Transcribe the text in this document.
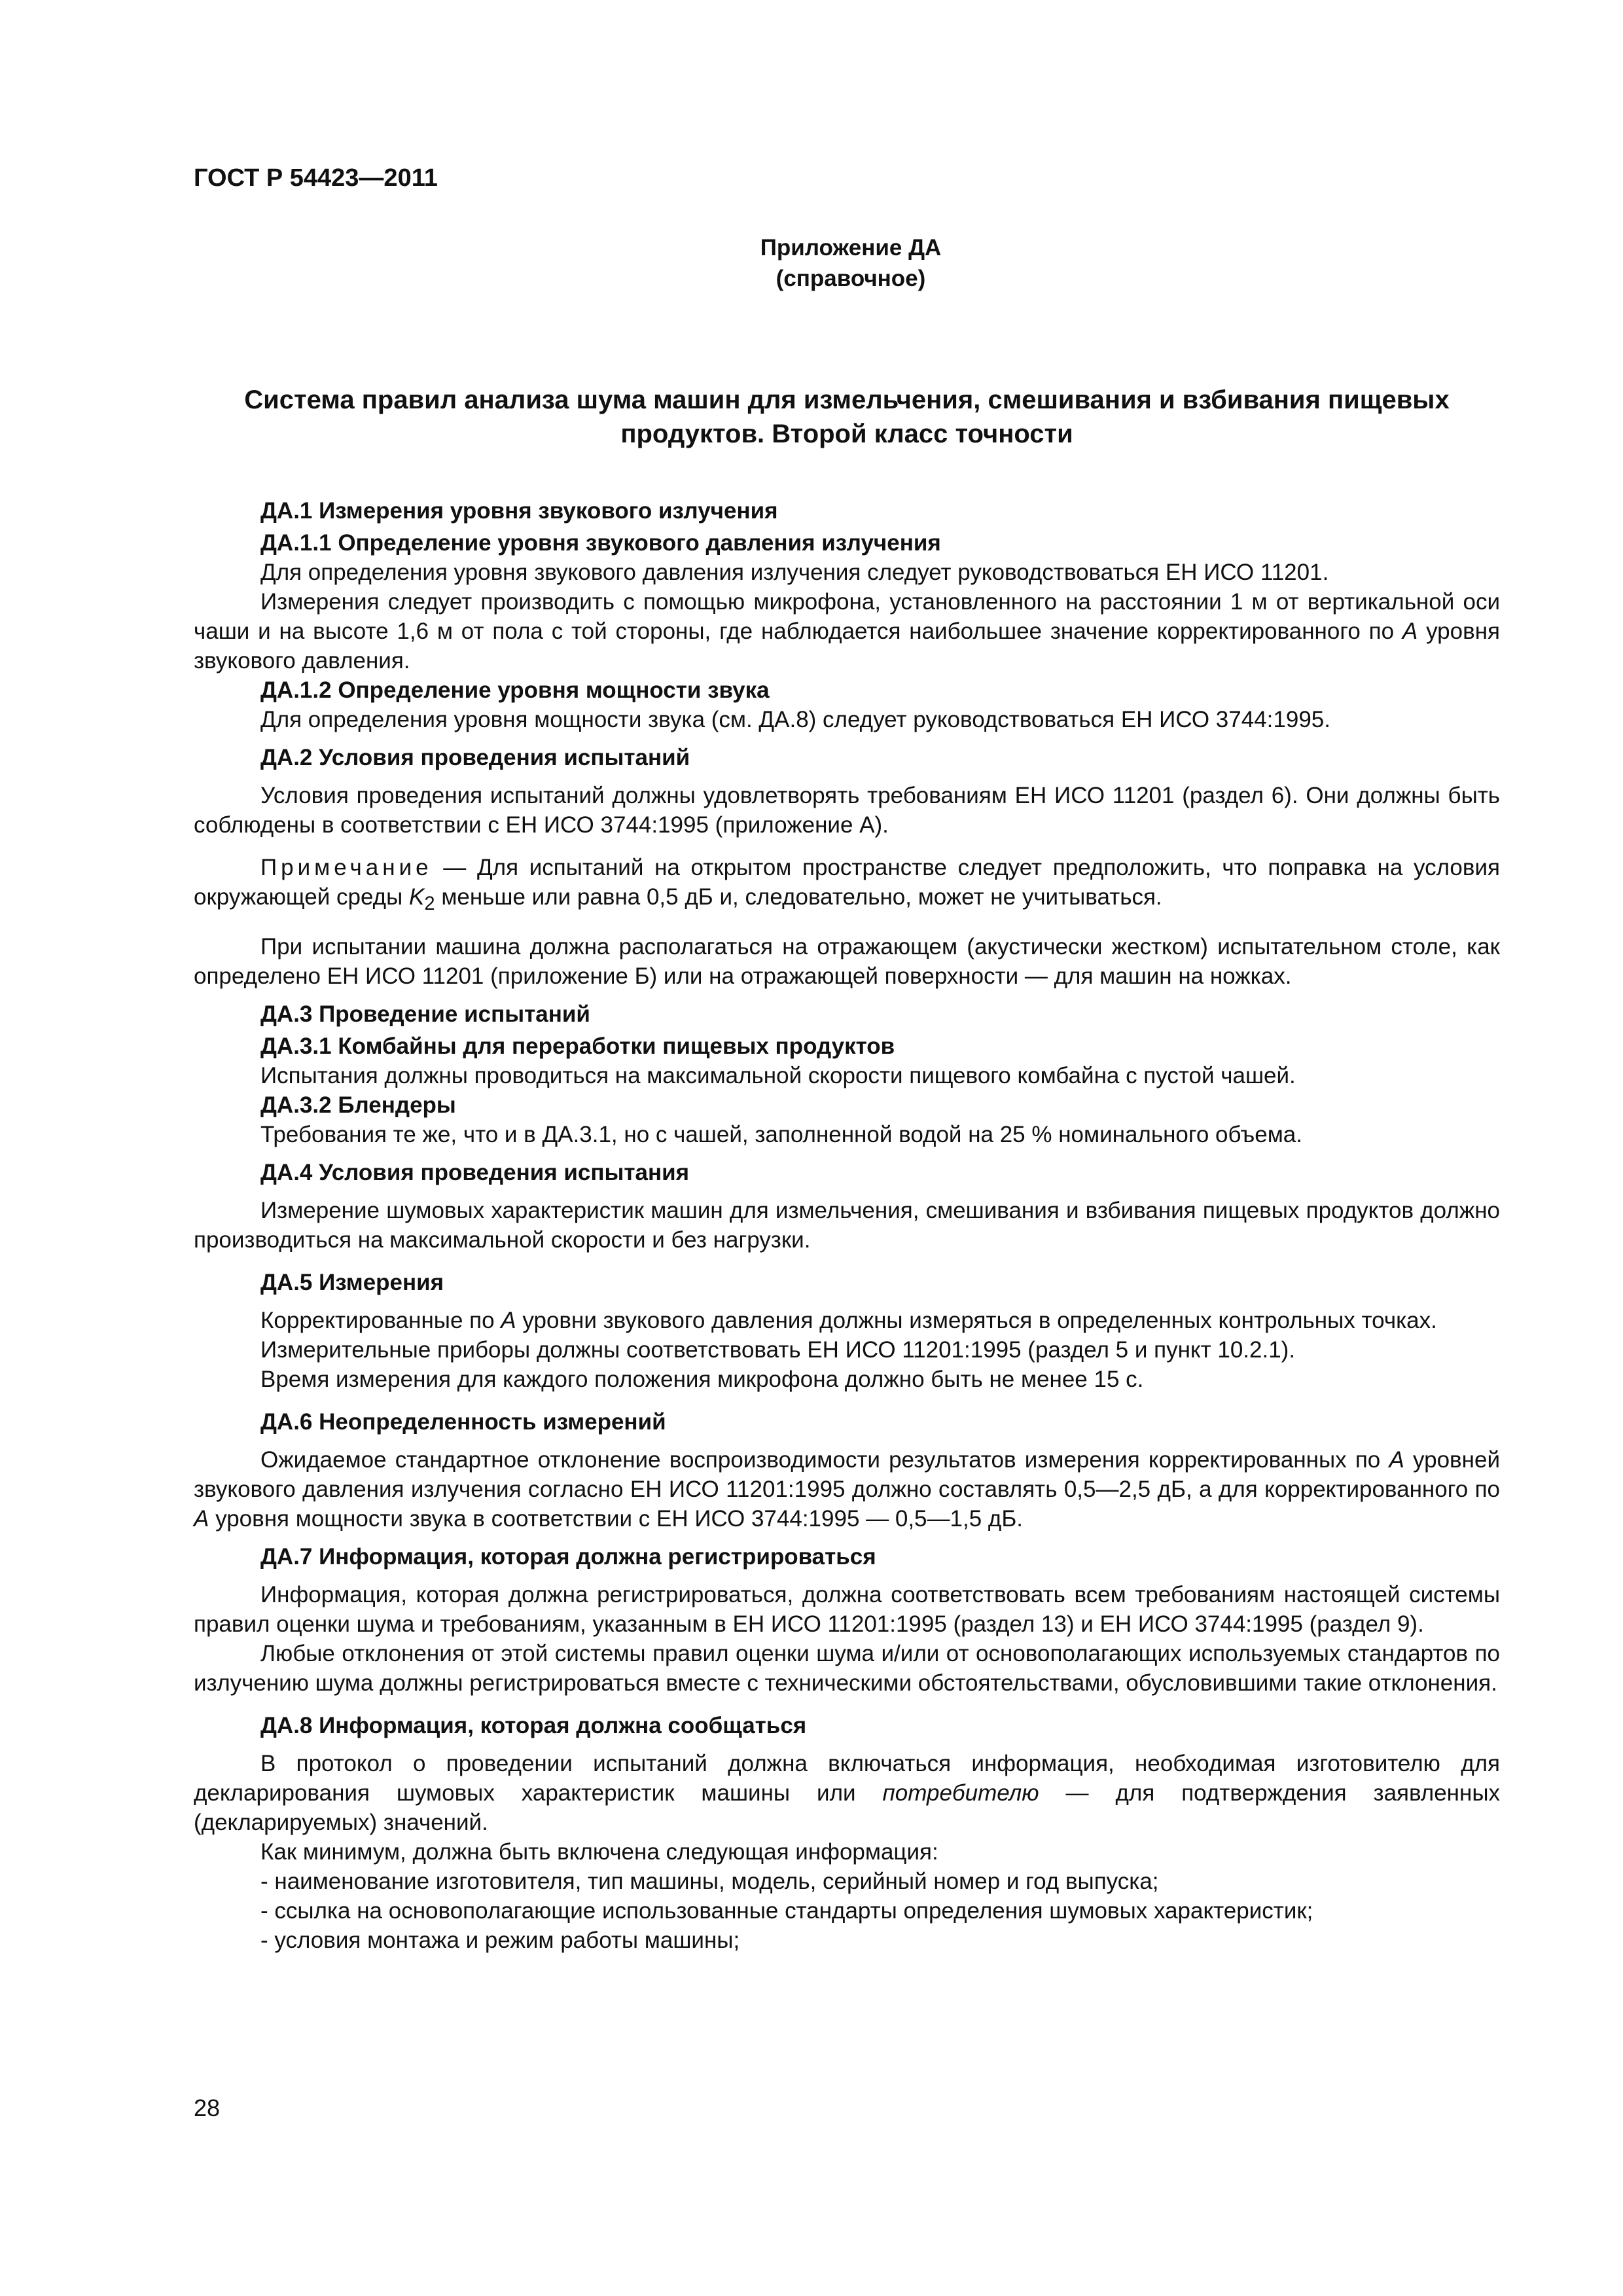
ГОСТ Р 54423—2011
Приложение ДА
(справочное)
Система правил анализа шума машин для измельчения, смешивания и взбивания пищевых
продуктов. Второй класс точности

ДА.1 Измерения уровня звукового излучения

ДА.1.1 Определение уровня звукового давления излучения

Для определения уровня звукового давления излучения следует руководствоваться ЕН ИСО 11201.

Измерения следует производить с помощью микрофона, установленного на расстоянии 1 м от вертикальной оси чаши и на высоте 1,6 м от пола с той стороны, где наблюдается наибольшее значение корректированного по А уровня звукового давления.

ДА.1.2 Определение уровня мощности звука

Для определения уровня мощности звука (см. ДА.8) следует руководствоваться ЕН ИСО 3744:1995.

ДА.2 Условия проведения испытаний

Условия проведения испытаний должны удовлетворять требованиям ЕН ИСО 11201 (раздел 6). Они должны быть соблюдены в соответствии с ЕН ИСО 3744:1995 (приложение А).

Примечание — Для испытаний на открытом пространстве следует предположить, что поправка на условия окружающей среды $K_2$ меньше или равна 0,5 дБ и, следовательно, может не учитываться.

При испытании машина должна располагаться на отражающем (акустически жестком) испытательном столе, как определено ЕН ИСО 11201 (приложение Б) или на отражающей поверхности — для машин на ножках.

ДА.3 Проведение испытаний

ДА.3.1 Комбайны для переработки пищевых продуктов

Испытания должны проводиться на максимальной скорости пищевого комбайна с пустой чашей.

ДА.3.2 Блендеры

Требования те же, что и в ДА.3.1, но с чашей, заполненной водой на 25 % номинального объема.

ДА.4 Условия проведения испытания

Измерение шумовых характеристик машин для измельчения, смешивания и взбивания пищевых продуктов должно производиться на максимальной скорости и без нагрузки.

ДА.5 Измерения

Корректированные по А уровни звукового давления должны измеряться в определенных контрольных точках.

Измерительные приборы должны соответствовать ЕН ИСО 11201:1995 (раздел 5 и пункт 10.2.1).

Время измерения для каждого положения микрофона должно быть не менее 15 с.

ДА.6 Неопределенность измерений

Ожидаемое стандартное отклонение воспроизводимости результатов измерения корректированных по А уровней звукового давления излучения согласно ЕН ИСО 11201:1995 должно составлять 0,5—2,5 дБ, а для корректированного по А уровня мощности звука в соответствии с ЕН ИСО 3744:1995 — 0,5—1,5 дБ.

ДА.7 Информация, которая должна регистрироваться

Информация, которая должна регистрироваться, должна соответствовать всем требованиям настоящей системы правил оценки шума и требованиям, указанным в ЕН ИСО 11201:1995 (раздел 13) и ЕН ИСО 3744:1995 (раздел 9).

Любые отклонения от этой системы правил оценки шума и/или от основополагающих используемых стандартов по излучению шума должны регистрироваться вместе с техническими обстоятельствами, обусловившими такие отклонения.

ДА.8 Информация, которая должна сообщаться

В протокол о проведении испытаний должна включаться информация, необходимая изготовителю для декларирования шумовых характеристик машины или потребителю — для подтверждения заявленных (декларируемых) значений.

Как минимум, должна быть включена следующая информация:

- наименование изготовителя, тип машины, модель, серийный номер и год выпуска;

- ссылка на основополагающие использованные стандарты определения шумовых характеристик;

- условия монтажа и режим работы машины;

28
